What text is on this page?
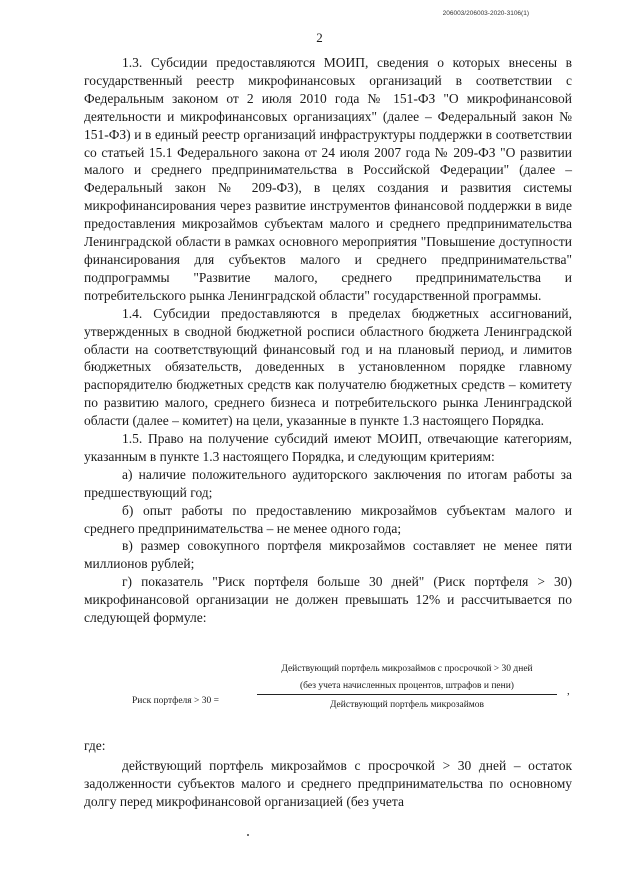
206003/206003-2020-3106(1)
2

1.3. Субсидии предоставляются МОИП, сведения о которых внесены в государственный реестр микрофинансовых организаций в соответствии с Федеральным законом от 2 июля 2010 года № 151-ФЗ "О микрофинансовой деятельности и микрофинансовых организациях" (далее – Федеральный закон № 151-ФЗ) и в единый реестр организаций инфраструктуры поддержки в соответствии со статьей 15.1 Федерального закона от 24 июля 2007 года № 209-ФЗ "О развитии малого и среднего предпринимательства в Российской Федерации" (далее – Федеральный закон № 209-ФЗ), в целях создания и развития системы микрофинансирования через развитие инструментов финансовой поддержки в виде предоставления микрозаймов субъектам малого и среднего предпринимательства Ленинградской области в рамках основного мероприятия "Повышение доступности финансирования для субъектов малого и среднего предпринимательства" подпрограммы "Развитие малого, среднего предпринимательства и потребительского рынка Ленинградской области" государственной программы.

1.4. Субсидии предоставляются в пределах бюджетных ассигнований, утвержденных в сводной бюджетной росписи областного бюджета Ленинградской области на соответствующий финансовый год и на плановый период, и лимитов бюджетных обязательств, доведенных в установленном порядке главному распорядителю бюджетных средств как получателю бюджетных средств – комитету по развитию малого, среднего бизнеса и потребительского рынка Ленинградской области (далее – комитет) на цели, указанные в пункте 1.3 настоящего Порядка.

1.5. Право на получение субсидий имеют МОИП, отвечающие категориям, указанным в пункте 1.3 настоящего Порядка, и следующим критериям:

а) наличие положительного аудиторского заключения по итогам работы за предшествующий год;

б) опыт работы по предоставлению микрозаймов субъектам малого и среднего предпринимательства – не менее одного года;

в) размер совокупного портфеля микрозаймов составляет не менее пяти миллионов рублей;

г) показатель "Риск портфеля больше 30 дней" (Риск портфеля > 30) микрофинансовой организации не должен превышать 12% и рассчитывается по следующей формуле:

Риск портфеля > 30 =
Действующий портфель микрозаймов с просрочкой > 30 дней
(без учета начисленных процентов, штрафов и пени)
Действующий портфель микрозаймов
,
где:

действующий портфель микрозаймов с просрочкой > 30 дней – остаток задолженности субъектов малого и среднего предпринимательства по основному долгу перед микрофинансовой организацией (без учета
